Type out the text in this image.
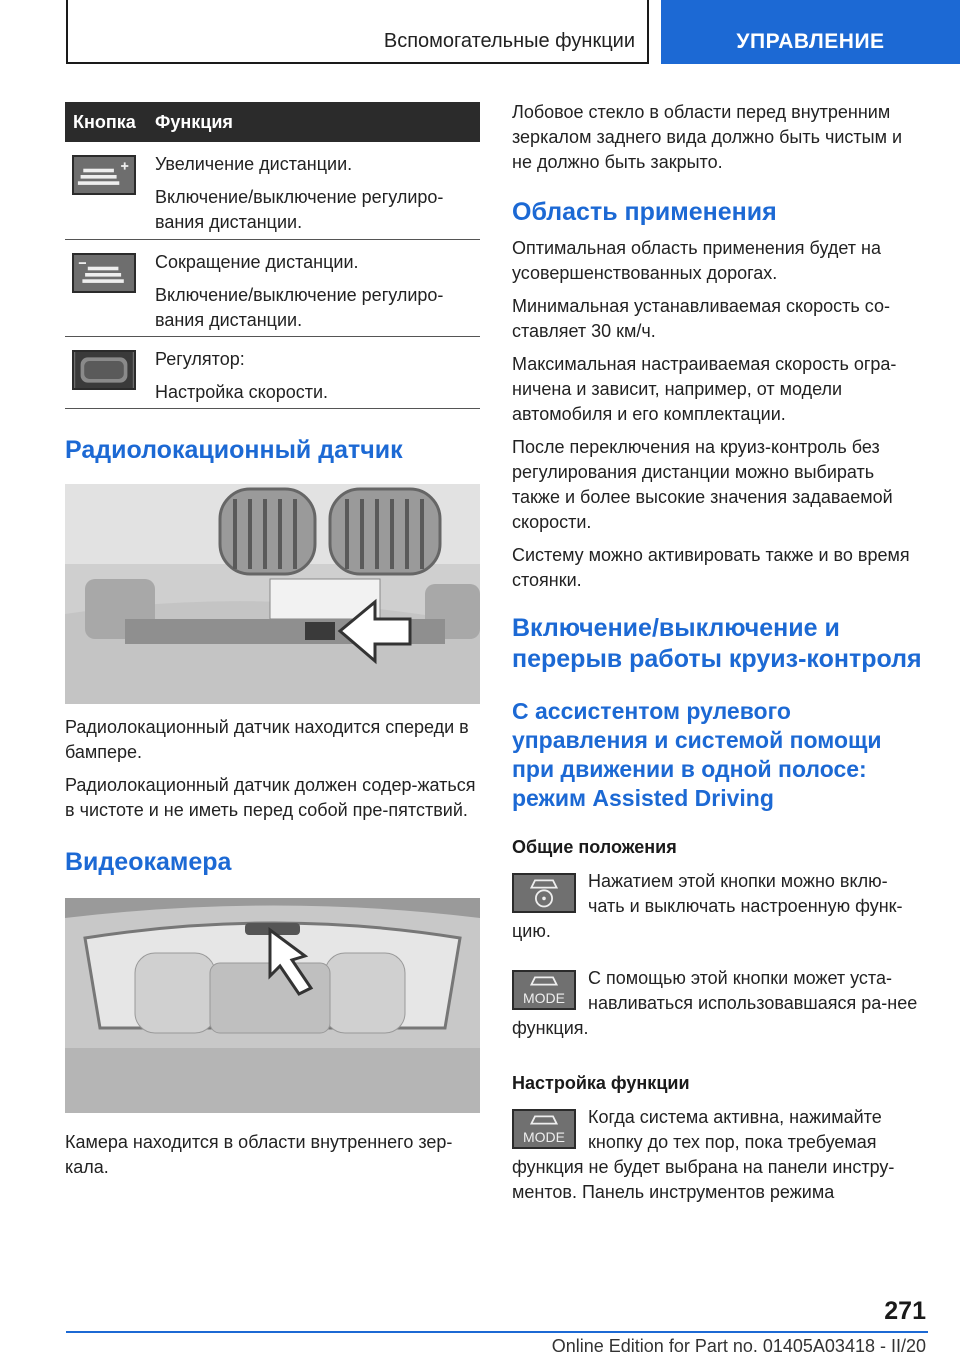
Вспомогательные функции	УПРАВЛЕНИЕ
Кнопка	Функция

Увеличение дистанции.

Включение/выключение регулиро-вания дистанции.

Сокращение дистанции.

Включение/выключение регулиро-вания дистанции.

Регулятор:

Настройка скорости.

Радиолокационный датчик

Радиолокационный датчик находится спереди в бампере.

Радиолокационный датчик должен содер-жаться в чистоте и не иметь перед собой пре-пятствий.

Видеокамера

Камера находится в области внутреннего зер-кала.

Лобовое стекло в области перед внутренним зеркалом заднего вида должно быть чистым и не должно быть закрыто.

Область применения

Оптимальная область применения будет на усовершенствованных дорогах.

Минимальная устанавливаемая скорость со-ставляет 30 км/ч.

Максимальная настраиваемая скорость огра-ничена и зависит, например, от модели автомобиля и его комплектации.

После переключения на круиз-контроль без регулирования дистанции можно выбирать также и более высокие значения задаваемой скорости.

Систему можно активировать также и во время стоянки.

Включение/выключение и перерыв работы круиз-контроля
С ассистентом рулевого управления и системой помощи при движении в одной полосе: режим Assisted Driving
Общие положения

Нажатием этой кнопки можно вклю-чать и выключать настроенную функ-цию.

MODE

С помощью этой кнопки может уста-навливаться использовавшаяся ра-нее функция.

Настройка функции
MODE

Когда система активна, нажимайте кнопку до тех пор, пока требуемая функция не будет выбрана на панели инстру-ментов. Панель инструментов режима

271
Online Edition for Part no. 01405A03418 - II/20
